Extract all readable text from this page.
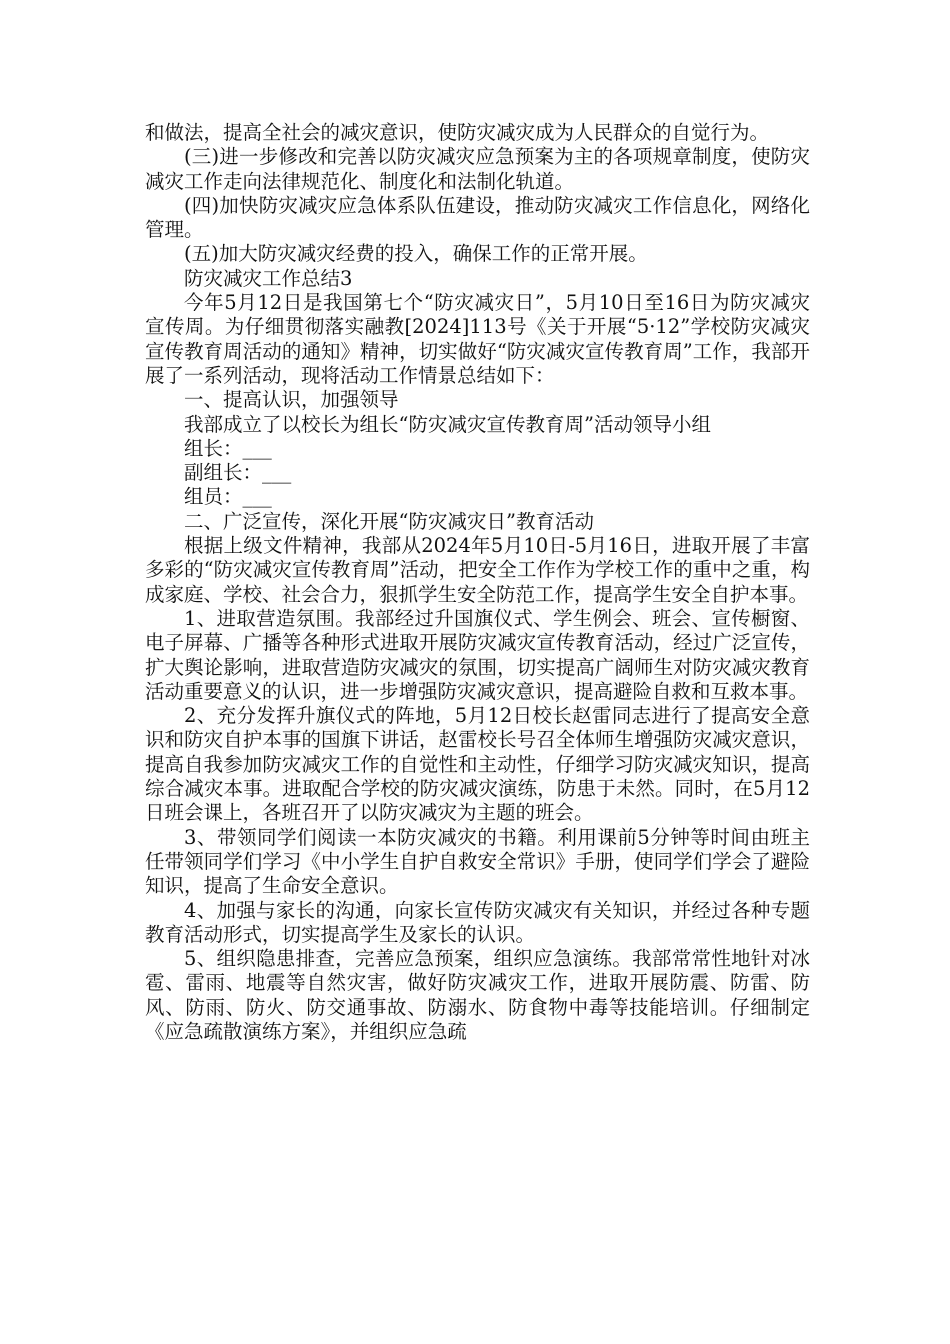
和做法，提高全社会的减灾意识，使防灾减灾成为人民群众的自觉行为。

(三)进一步修改和完善以防灾减灾应急预案为主的各项规章制度，使防灾减灾工作走向法律规范化、制度化和法制化轨道。

(四)加快防灾减灾应急体系队伍建设，推动防灾减灾工作信息化，网络化管理。

(五)加大防灾减灾经费的投入，确保工作的正常开展。

防灾减灾工作总结3

今年5月12日是我国第七个“防灾减灾日”，5月10日至16日为防灾减灾宣传周。为仔细贯彻落实融教[2024]113号《关于开展“5·12”学校防灾减灾宣传教育周活动的通知》精神，切实做好“防灾减灾宣传教育周”工作，我部开展了一系列活动，现将活动工作情景总结如下：

一、提高认识，加强领导

我部成立了以校长为组长“防灾减灾宣传教育周”活动领导小组

组长：___

副组长：___

组员：___

二、广泛宣传，深化开展“防灾减灾日”教育活动

根据上级文件精神，我部从2024年5月10日-5月16日，进取开展了丰富多彩的“防灾减灾宣传教育周”活动，把安全工作作为学校工作的重中之重，构成家庭、学校、社会合力，狠抓学生安全防范工作，提高学生安全自护本事。

1、进取营造氛围。我部经过升国旗仪式、学生例会、班会、宣传橱窗、电子屏幕、广播等各种形式进取开展防灾减灾宣传教育活动，经过广泛宣传，扩大舆论影响，进取营造防灾减灾的氛围，切实提高广阔师生对防灾减灾教育活动重要意义的认识，进一步增强防灾减灾意识，提高避险自救和互救本事。

2、充分发挥升旗仪式的阵地，5月12日校长赵雷同志进行了提高安全意识和防灾自护本事的国旗下讲话，赵雷校长号召全体师生增强防灾减灾意识，提高自我参加防灾减灾工作的自觉性和主动性，仔细学习防灾减灾知识，提高综合减灾本事。进取配合学校的防灾减灾演练，防患于未然。同时，在5月12日班会课上，各班召开了以防灾减灾为主题的班会。

3、带领同学们阅读一本防灾减灾的书籍。利用课前5分钟等时间由班主任带领同学们学习《中小学生自护自救安全常识》手册，使同学们学会了避险知识，提高了生命安全意识。

4、加强与家长的沟通，向家长宣传防灾减灾有关知识，并经过各种专题教育活动形式，切实提高学生及家长的认识。

5、组织隐患排查，完善应急预案，组织应急演练。我部常常性地针对冰雹、雷雨、地震等自然灾害，做好防灾减灾工作，进取开展防震、防雷、防风、防雨、防火、防交通事故、防溺水、防食物中毒等技能培训。仔细制定《应急疏散演练方案》，并组织应急疏
